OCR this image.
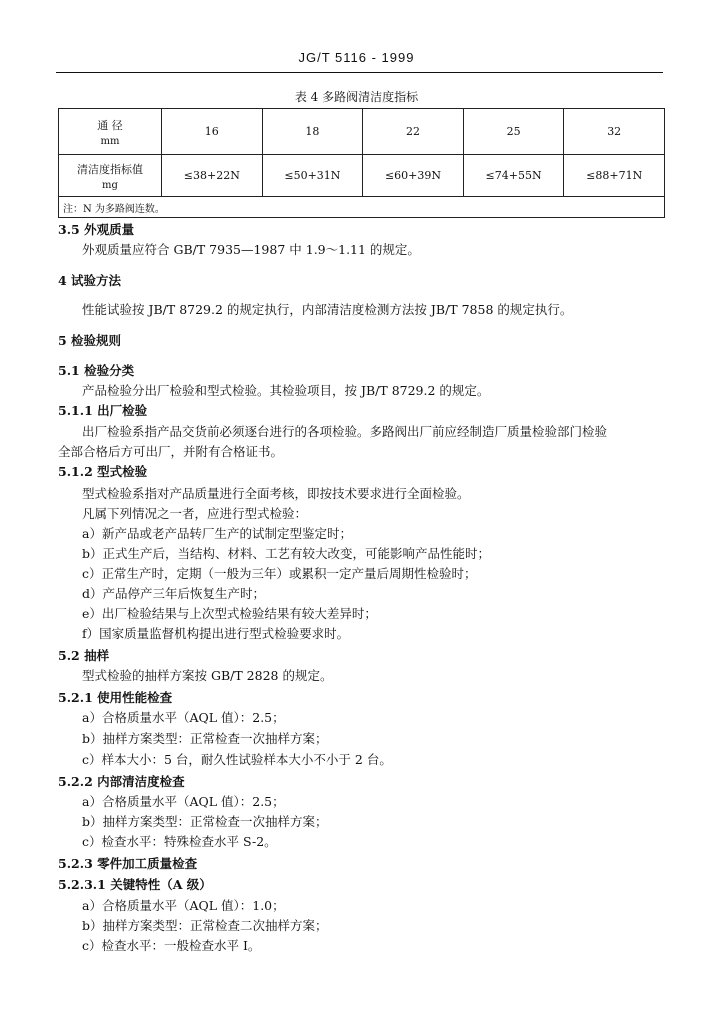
JG/T 5116 - 1999
表 4 多路阀清洁度指标
通 径
mm	16	18	22	25	32

清洁度指标值
mg	≤38+22N	≤50+31N	≤60+39N	≤74+55N	≤88+71N
注：N 为多路阀连数。					
3.5 外观质量
外观质量应符合 GB/T 7935—1987 中 1.9～1.11 的规定。
4 试验方法
性能试验按 JB/T 8729.2 的规定执行，内部清洁度检测方法按 JB/T 7858 的规定执行。
5 检验规则
5.1 检验分类
产品检验分出厂检验和型式检验。其检验项目，按 JB/T 8729.2 的规定。
5.1.1 出厂检验
出厂检验系指产品交货前必须逐台进行的各项检验。多路阀出厂前应经制造厂质量检验部门检验
全部合格后方可出厂，并附有合格证书。
5.1.2 型式检验
型式检验系指对产品质量进行全面考核，即按技术要求进行全面检验。
凡属下列情况之一者，应进行型式检验：
a）新产品或老产品转厂生产的试制定型鉴定时；
b）正式生产后，当结构、材料、工艺有较大改变，可能影响产品性能时；
c）正常生产时，定期（一般为三年）或累积一定产量后周期性检验时；
d）产品停产三年后恢复生产时；
e）出厂检验结果与上次型式检验结果有较大差异时；
f）国家质量监督机构提出进行型式检验要求时。
5.2 抽样
型式检验的抽样方案按 GB/T 2828 的规定。
5.2.1 使用性能检查
a）合格质量水平（AQL 值）：2.5；
b）抽样方案类型：正常检查一次抽样方案；
c）样本大小：5 台，耐久性试验样本大小不小于 2 台。
5.2.2 内部清洁度检查
a）合格质量水平（AQL 值）：2.5；
b）抽样方案类型：正常检查一次抽样方案；
c）检查水平：特殊检查水平 S-2。
5.2.3 零件加工质量检查
5.2.3.1 关键特性（A 级）
a）合格质量水平（AQL 值）：1.0；
b）抽样方案类型：正常检查二次抽样方案；
c）检查水平：一般检查水平 Ⅰ。
